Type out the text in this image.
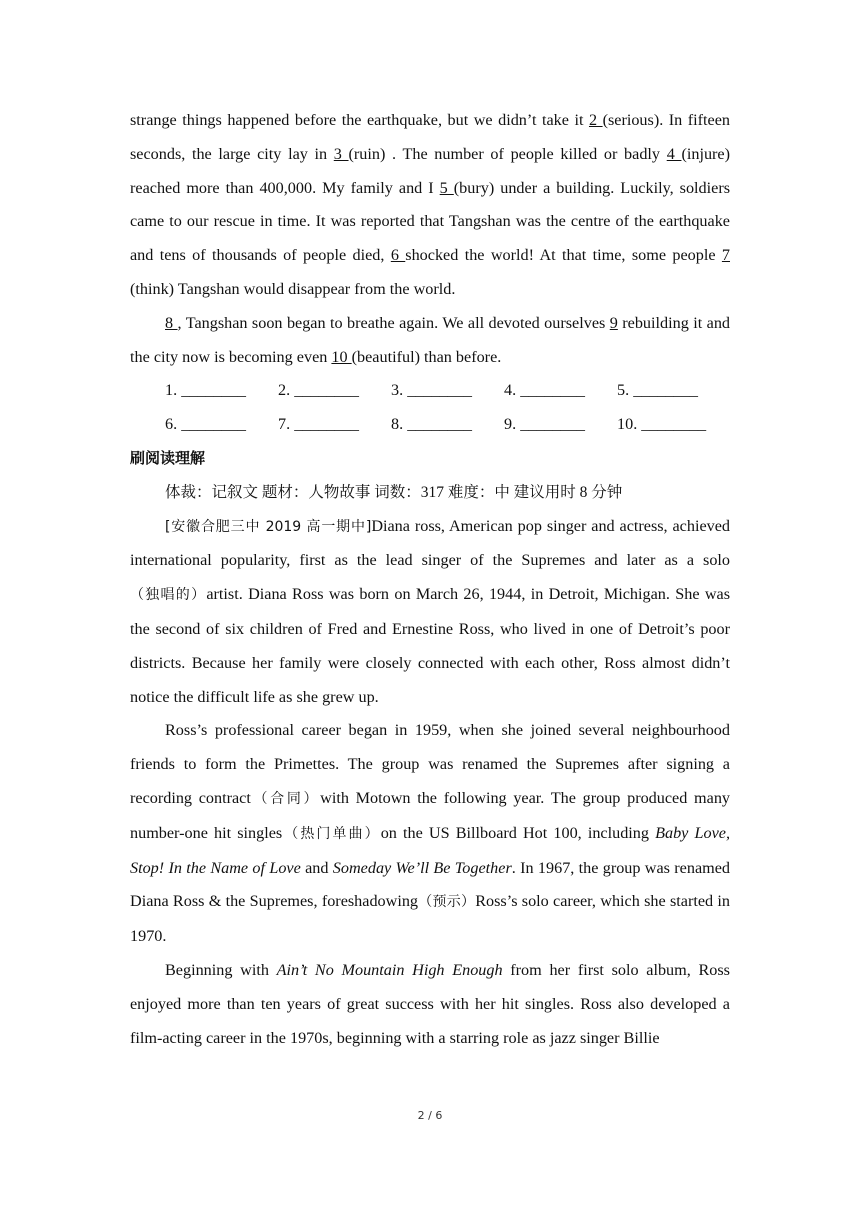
strange things happened before the earthquake, but we didn’t take it 2 (serious). In fifteen seconds, the large city lay in 3 (ruin) . The number of people killed or badly 4 (injure) reached more than 400,000. My family and I 5 (bury) under a building. Luckily, soldiers came to our rescue in time. It was reported that Tangshan was the centre of the earthquake and tens of thousands of people died, 6 shocked the world! At that time, some people 7 (think) Tangshan would disappear from the world.

8 , Tangshan soon began to breathe again. We all devoted ourselves 9 rebuilding it and the city now is becoming even 10 (beautiful) than before.

1. ________	2. ________	3. ________	4. ________	5. ________
6. ________	7. ________	8. ________	9. ________	10. ________
刷阅读理解
体裁：记叙文 题材：人物故事 词数：317 难度：中 建议用时 8 分钟

[安徽合肥三中 2019 高一期中]Diana ross, American pop singer and actress, achieved international popularity, first as the lead singer of the Supremes and later as a solo（独唱的）artist. Diana Ross was born on March 26, 1944, in Detroit, Michigan. She was the second of six children of Fred and Ernestine Ross, who lived in one of Detroit’s poor districts. Because her family were closely connected with each other, Ross almost didn’t notice the difficult life as she grew up.

Ross’s professional career began in 1959, when she joined several neighbourhood friends to form the Primettes. The group was renamed the Supremes after signing a recording contract（合同）with Motown the following year. The group produced many number-one hit singles（热门单曲）on the US Billboard Hot 100, including Baby Love, Stop! In the Name of Love and Someday We’ll Be Together. In 1967, the group was renamed Diana Ross & the Supremes, foreshadowing（预示）Ross’s solo career, which she started in 1970.

Beginning with Ain’t No Mountain High Enough from her first solo album, Ross enjoyed more than ten years of great success with her hit singles. Ross also developed a film-acting career in the 1970s, beginning with a starring role as jazz singer Billie

2 / 6
